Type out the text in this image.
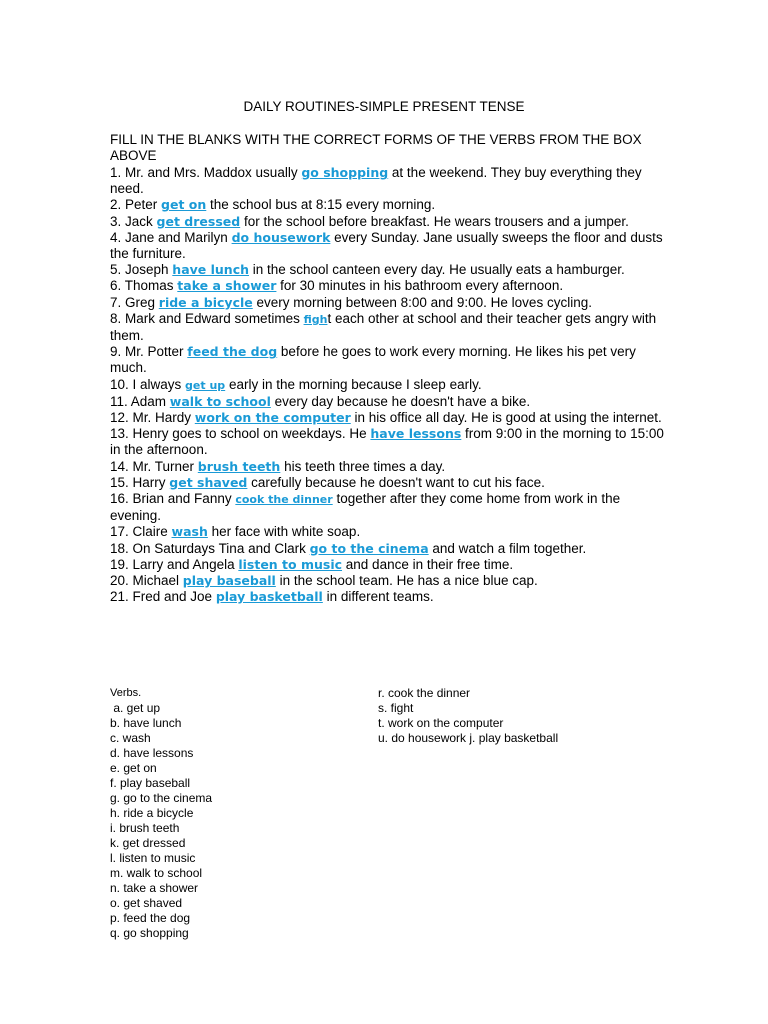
DAILY ROUTINES-SIMPLE PRESENT TENSE
FILL IN THE BLANKS WITH THE CORRECT FORMS OF THE VERBS FROM THE BOX ABOVE

1. Mr. and Mrs. Maddox usually go shopping at the weekend. They buy everything they need.

2. Peter get on the school bus at 8:15 every morning.

3. Jack get dressed for the school before breakfast. He wears trousers and a jumper.

4. Jane and Marilyn do housework every Sunday. Jane usually sweeps the floor and dusts the furniture.

5. Joseph have lunch in the school canteen every day. He usually eats a hamburger.

6. Thomas take a shower for 30 minutes in his bathroom every afternoon.

7. Greg ride a bicycle every morning between 8:00 and 9:00. He loves cycling.

8. Mark and Edward sometimes fight each other at school and their teacher gets angry with them.

9. Mr. Potter feed the dog before he goes to work every morning. He likes his pet very much.

10. I always get up early in the morning because I sleep early.

11. Adam walk to school every day because he doesn't have a bike.

12. Mr. Hardy work on the computer in his office all day. He is good at using the internet.

13. Henry goes to school on weekdays. He have lessons from 9:00 in the morning to 15:00 in the afternoon.

14. Mr. Turner brush teeth his teeth three times a day.

15. Harry get shaved carefully because he doesn't want to cut his face.

16. Brian and Fanny cook the dinner together after they come home from work in the evening.

17. Claire wash her face with white soap.

18. On Saturdays Tina and Clark go to the cinema and watch a film together.

19. Larry and Angela listen to music and dance in their free time.

20. Michael play baseball in the school team. He has a nice blue cap.

21. Fred and Joe play basketball in different teams.

Verbs.

a. get up

b. have lunch

c. wash

d. have lessons

e. get on

f. play baseball

g. go to the cinema

h. ride a bicycle

i. brush teeth

k. get dressed

l. listen to music

m. walk to school

n. take a shower

o. get shaved

p. feed the dog

q. go shopping

r. cook the dinner

s. fight

t. work on the computer

u. do housework j. play basketball
